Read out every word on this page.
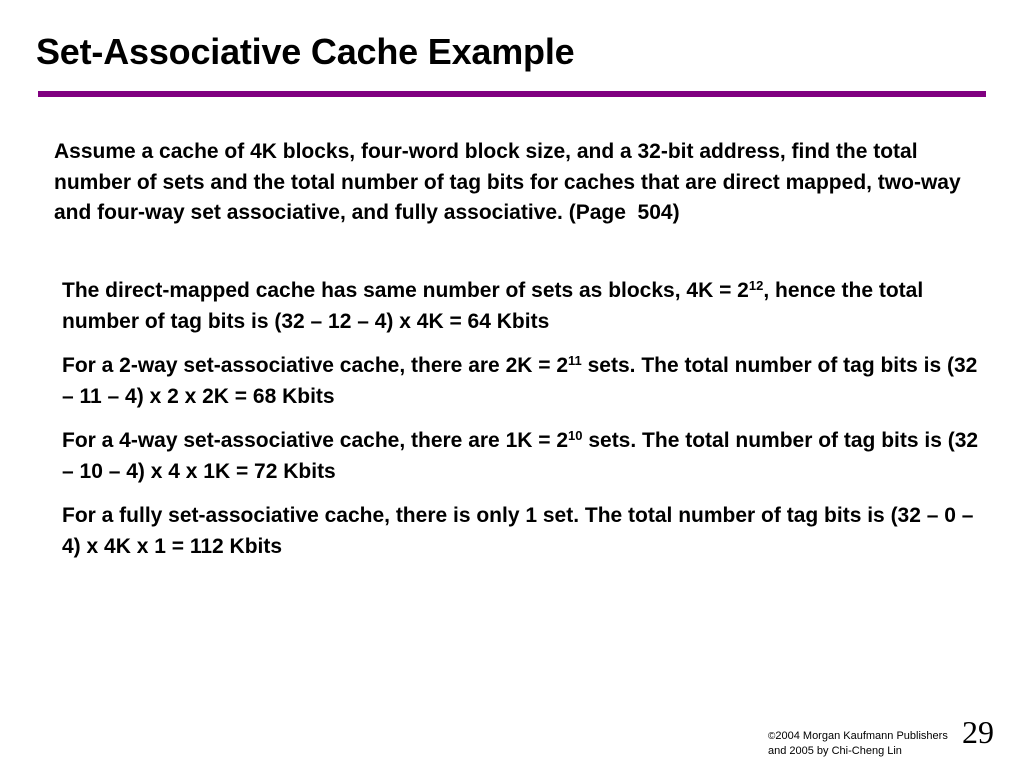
Set-Associative Cache Example

Assume a cache of 4K blocks, four-word block size, and a 32-bit address, find the total number of sets and the total number of tag bits for caches that are direct mapped, two-way and four-way set associative, and fully associative. (Page  504)

The direct-mapped cache has same number of sets as blocks, $4K = 2^{12}$, hence the total number of tag bits is (32 – 12 – 4) x 4K = 64 Kbits
For a 2-way set-associative cache, there are $2K = 2^{11}$ sets. The total number of tag bits is (32 – 11 – 4) x 2 x 2K = 68 Kbits
For a 4-way set-associative cache, there are $1K = 2^{10}$ sets. The total number of tag bits is (32 – 10 – 4) x 4 x 1K = 72 Kbits
For a fully set-associative cache, there is only 1 set. The total number of tag bits is (32 – 0 – 4) x 4K x 1 = 112 Kbits
©2004 Morgan Kaufmann Publishers
and 2005 by Chi-Cheng Lin
29
